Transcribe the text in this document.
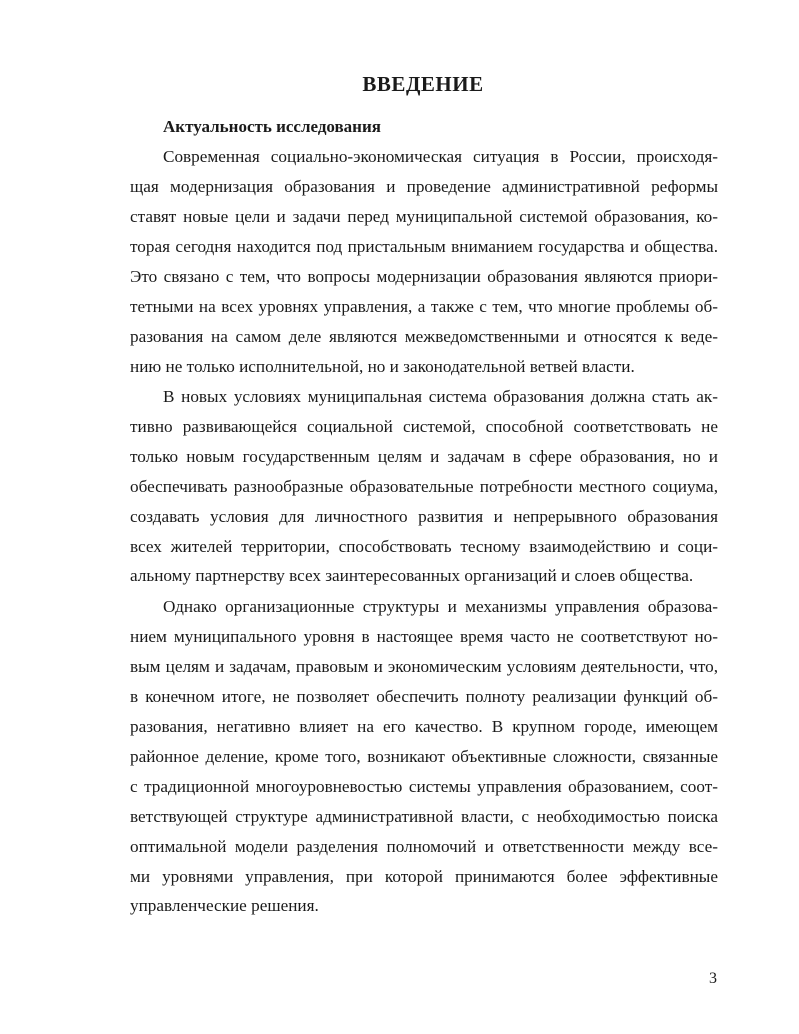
ВВЕДЕНИЕ
Актуальность исследования
Современная социально-экономическая ситуация в России, происходя-
щая модернизация образования и проведение административной реформы
ставят новые цели и задачи перед муниципальной системой образования, ко-
торая сегодня находится под пристальным вниманием государства и общества.
Это связано с тем, что вопросы модернизации образования являются приори-
тетными на всех уровнях управления, а также с тем, что многие проблемы об-
разования на самом деле являются межведомственными и относятся к веде-
нию не только исполнительной, но и законодательной ветвей власти.
В новых условиях муниципальная система образования должна стать ак-
тивно развивающейся социальной системой, способной соответствовать не
только новым государственным целям и задачам в сфере образования, но и
обеспечивать разнообразные образовательные потребности местного социума,
создавать условия для личностного развития и непрерывного образования
всех жителей территории, способствовать тесному взаимодействию и соци-
альному партнерству всех заинтересованных организаций и слоев общества.
Однако организационные структуры и механизмы управления образова-
нием муниципального уровня в настоящее время часто не соответствуют но-
вым целям и задачам, правовым и экономическим условиям деятельности, что,
в конечном итоге, не позволяет обеспечить полноту реализации функций об-
разования, негативно влияет на его качество. В крупном городе, имеющем
районное деление, кроме того, возникают объективные сложности, связанные
с традиционной многоуровневостью системы управления образованием, соот-
ветствующей структуре административной власти, с необходимостью поиска
оптимальной модели разделения полномочий и ответственности между все-
ми уровнями управления, при которой принимаются более эффективные
управленческие решения.
3
